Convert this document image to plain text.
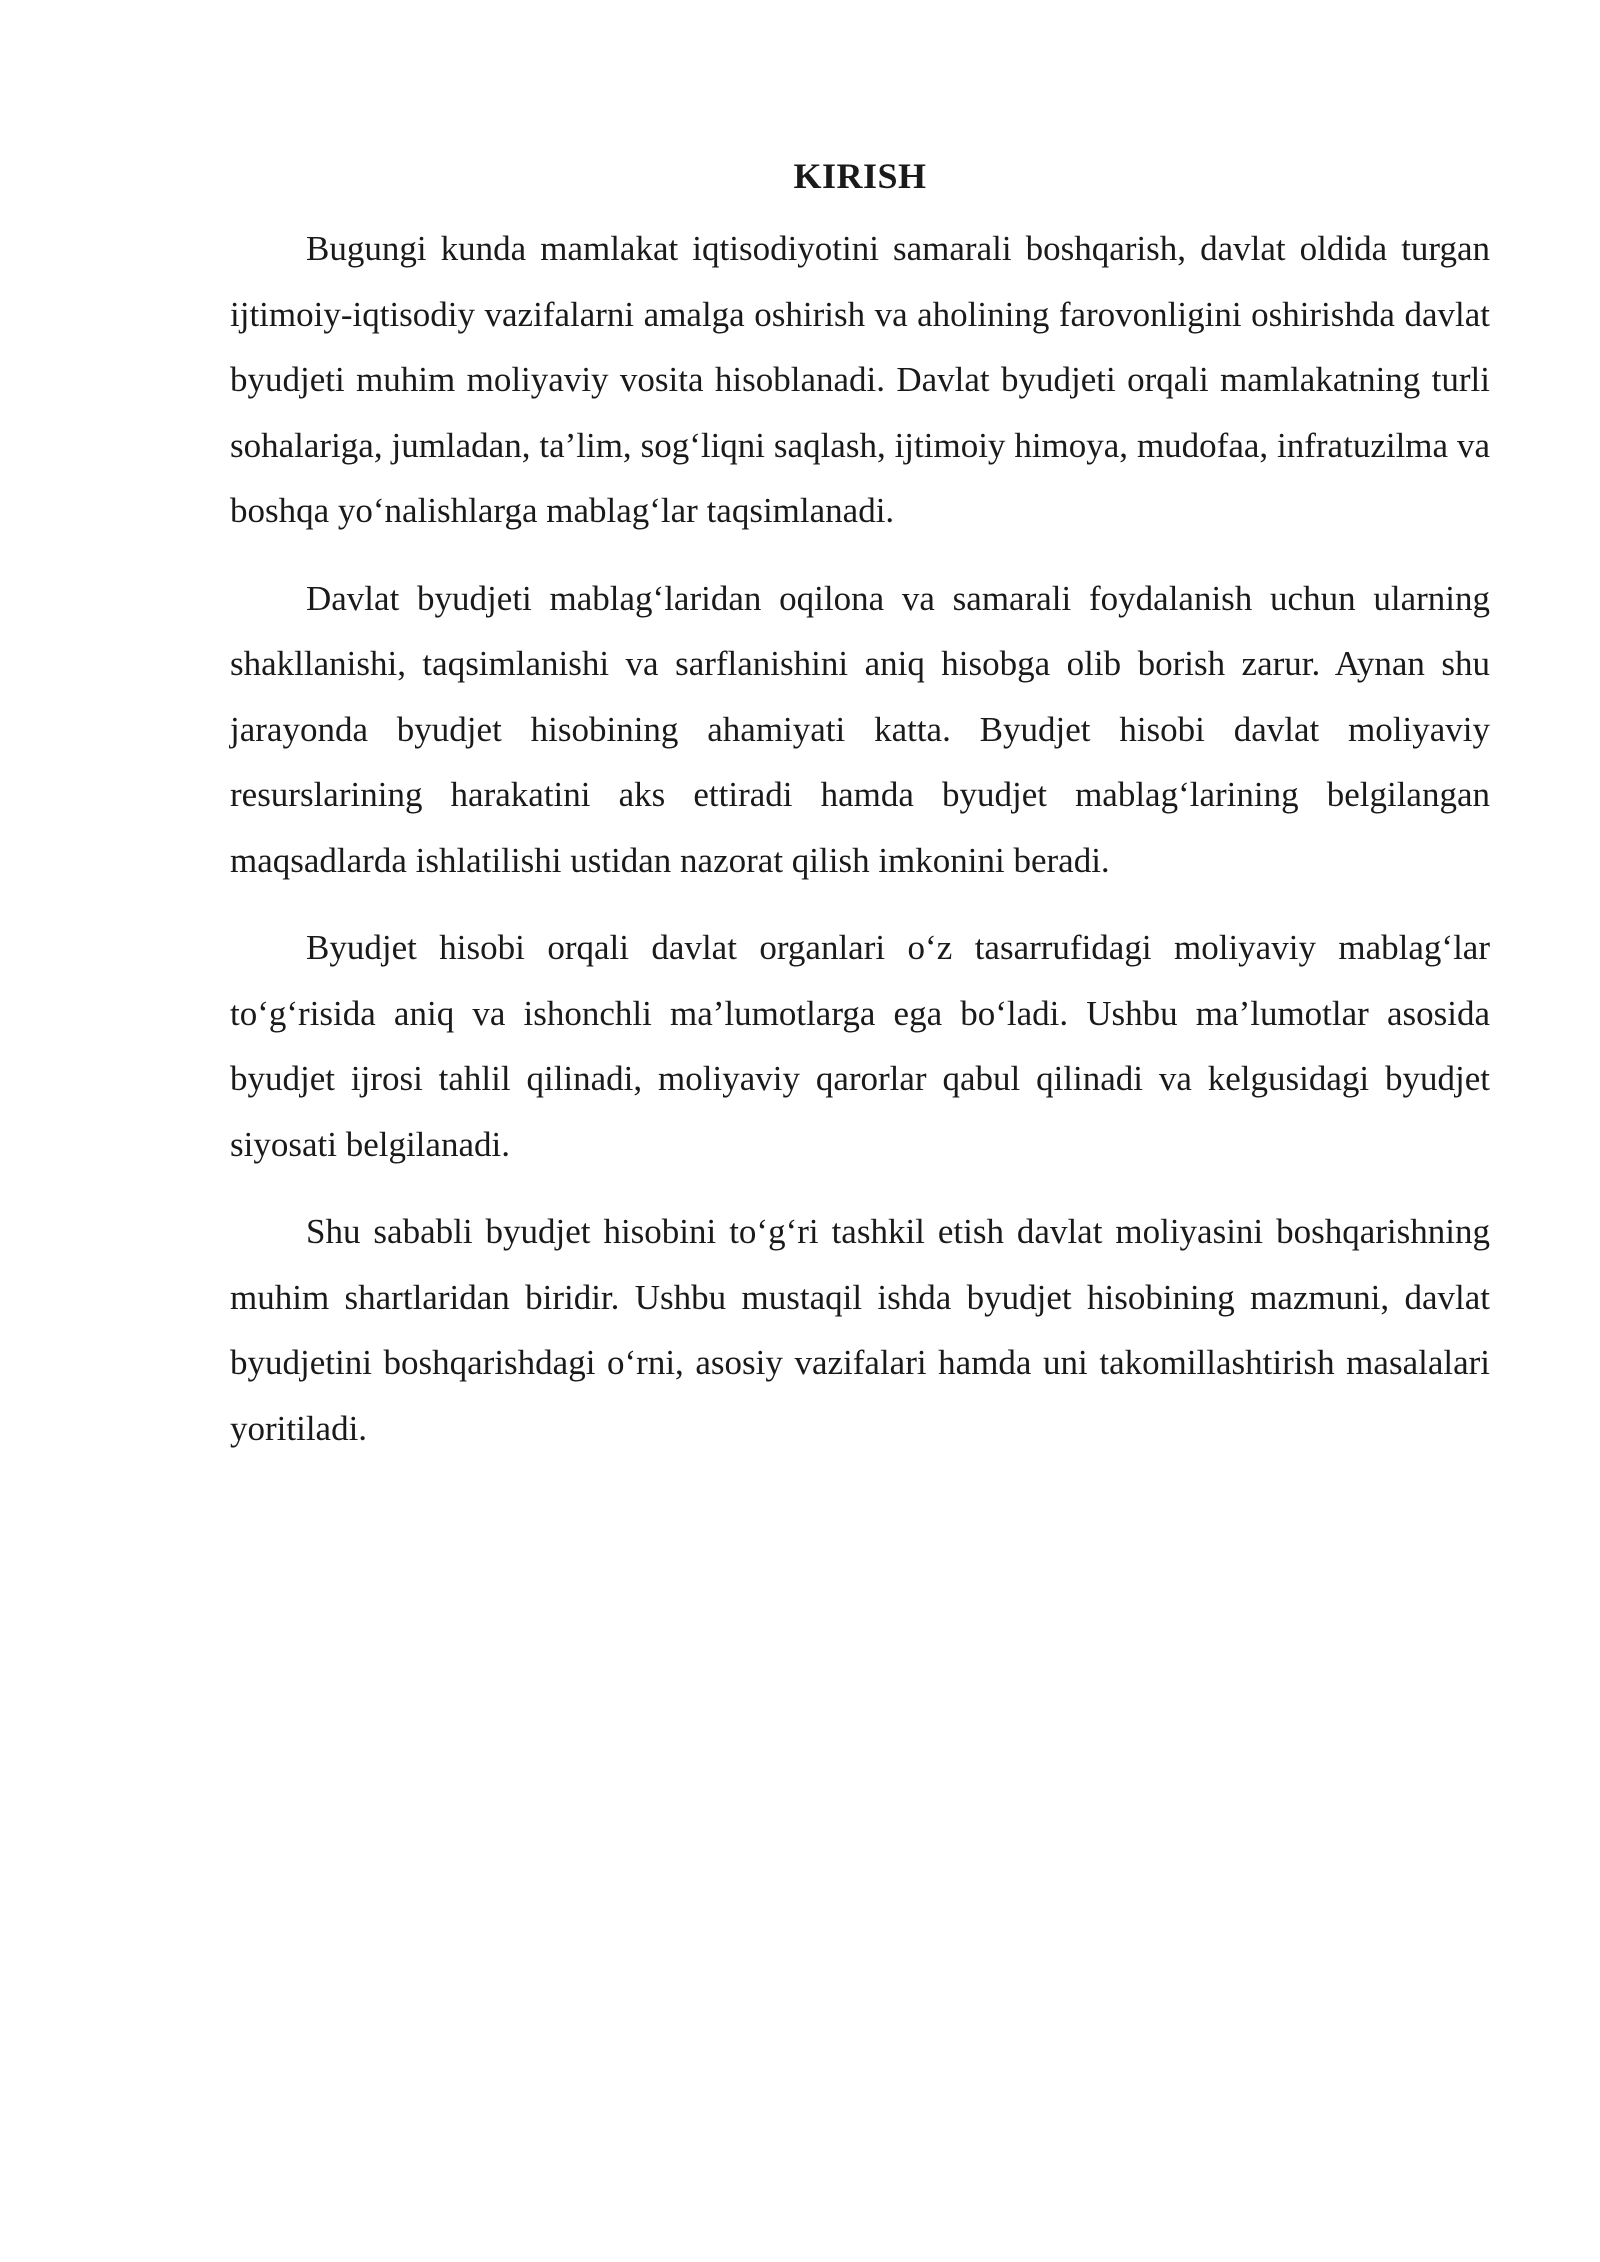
KIRISH

Bugungi kunda mamlakat iqtisodiyotini samarali boshqarish, davlat oldida turgan ijtimoiy-iqtisodiy vazifalarni amalga oshirish va aholining farovonligini oshirishda davlat byudjeti muhim moliyaviy vosita hisoblanadi. Davlat byudjeti orqali mamlakatning turli sohalariga, jumladan, ta’lim, sog‘liqni saqlash, ijtimoiy himoya, mudofaa, infratuzilma va boshqa yo‘nalishlarga mablag‘lar taqsimlanadi.

Davlat byudjeti mablag‘laridan oqilona va samarali foydalanish uchun ularning shakllanishi, taqsimlanishi va sarflanishini aniq hisobga olib borish zarur. Aynan shu jarayonda byudjet hisobining ahamiyati katta. Byudjet hisobi davlat moliyaviy resurslarining harakatini aks ettiradi hamda byudjet mablag‘larining belgilangan maqsadlarda ishlatilishi ustidan nazorat qilish imkonini beradi.

Byudjet hisobi orqali davlat organlari o‘z tasarrufidagi moliyaviy mablag‘lar to‘g‘risida aniq va ishonchli ma’lumotlarga ega bo‘ladi. Ushbu ma’lumotlar asosida byudjet ijrosi tahlil qilinadi, moliyaviy qarorlar qabul qilinadi va kelgusidagi byudjet siyosati belgilanadi.

Shu sababli byudjet hisobini to‘g‘ri tashkil etish davlat moliyasini boshqarishning muhim shartlaridan biridir. Ushbu mustaqil ishda byudjet hisobining mazmuni, davlat byudjetini boshqarishdagi o‘rni, asosiy vazifalari hamda uni takomillashtirish masalalari yoritiladi.
